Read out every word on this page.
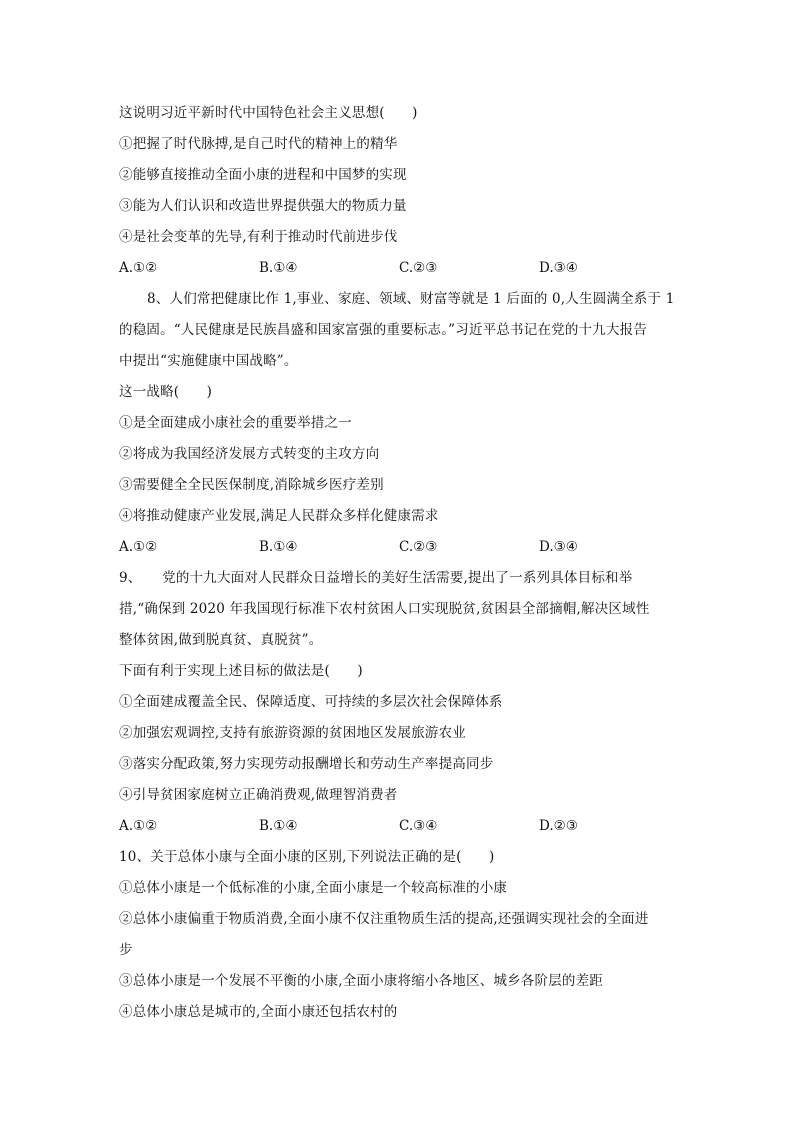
这说明习近平新时代中国特色社会主义思想(　　)
①把握了时代脉搏,是自己时代的精神上的精华
②能够直接推动全面小康的进程和中国梦的实现
③能为人们认识和改造世界提供强大的物质力量
④是社会变革的先导,有利于推动时代前进步伐
A.①②	B.①④	C.②③	D.③④
8、人们常把健康比作 1,事业、家庭、领域、财富等就是 1 后面的 0,人生圆满全系于 1
的稳固。“人民健康是民族昌盛和国家富强的重要标志。”习近平总书记在党的十九大报告
中提出“实施健康中国战略”。
这一战略(　　)
①是全面建成小康社会的重要举措之一
②将成为我国经济发展方式转变的主攻方向
③需要健全全民医保制度,消除城乡医疗差别
④将推动健康产业发展,满足人民群众多样化健康需求
A.①②	B.①④	C.②③	D.③④
9、　　党的十九大面对人民群众日益增长的美好生活需要,提出了一系列具体目标和举
措,“确保到 2020 年我国现行标准下农村贫困人口实现脱贫,贫困县全部摘帽,解决区域性
整体贫困,做到脱真贫、真脱贫”。
下面有利于实现上述目标的做法是(　　)
①全面建成覆盖全民、保障适度、可持续的多层次社会保障体系
②加强宏观调控,支持有旅游资源的贫困地区发展旅游农业
③落实分配政策,努力实现劳动报酬增长和劳动生产率提高同步
④引导贫困家庭树立正确消费观,做理智消费者
A.①②	B.①④	C.③④	D.②③
10、关于总体小康与全面小康的区别,下列说法正确的是(　　)
①总体小康是一个低标准的小康,全面小康是一个较高标准的小康
②总体小康偏重于物质消费,全面小康不仅注重物质生活的提高,还强调实现社会的全面进
步
③总体小康是一个发展不平衡的小康,全面小康将缩小各地区、城乡各阶层的差距
④总体小康总是城市的,全面小康还包括农村的
